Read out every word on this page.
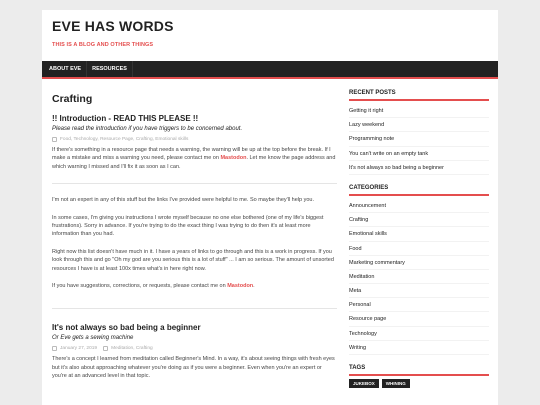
EVE HAS WORDS
THIS IS A BLOG AND OTHER THINGS
ABOUT EVE	RESOURCES
Crafting
!! Introduction - READ THIS PLEASE !!
Please read the introduction if you have triggers to be concerned about.
Food, Technology, Resource Page, Crafting, Emotional skills

If there's something in a resource page that needs a warning, the warning will be up at the top before the break. If I make a mistake and miss a warning you need, please contact me on Mastodon. Let me know the page address and which warning I missed and I'll fix it as soon as I can.

I'm not an expert in any of this stuff but the links I've provided were helpful to me. So maybe they'll help you.

In some cases, I'm giving you instructions I wrote myself because no one else bothered (one of my life's biggest frustrations). Sorry in advance. If you're trying to do the exact thing I was trying to do then it's at least more information than you had.

Right now this list doesn't have much in it. I have a years of links to go through and this is a work in progress. If you look through this and go "Oh my god are you serious this is a lot of stuff" ... I am so serious. The amount of unsorted resources I have is at least 100x times what's in here right now.

If you have suggestions, corrections, or requests, please contact me on Mastodon.

It's not always so bad being a beginner
Or Eve gets a sewing machine
January 27, 2019	Meditation, Crafting

There's a concept I learned from meditation called Beginner's Mind. In a way, it's about seeing things with fresh eyes but it's also about approaching whatever you're doing as if you were a beginner. Even when you're an expert or you're at an advanced level in that topic.

RECENT POSTS
Getting it right
Lazy weekend
Programming note
You can't write on an empty tank
It's not always so bad being a beginner
CATEGORIES
Announcement
Crafting
Emotional skills
Food
Marketing commentary
Meditation
Meta
Personal
Resource page
Technology
Writing
TAGS
JUKEBOX	WHINING
